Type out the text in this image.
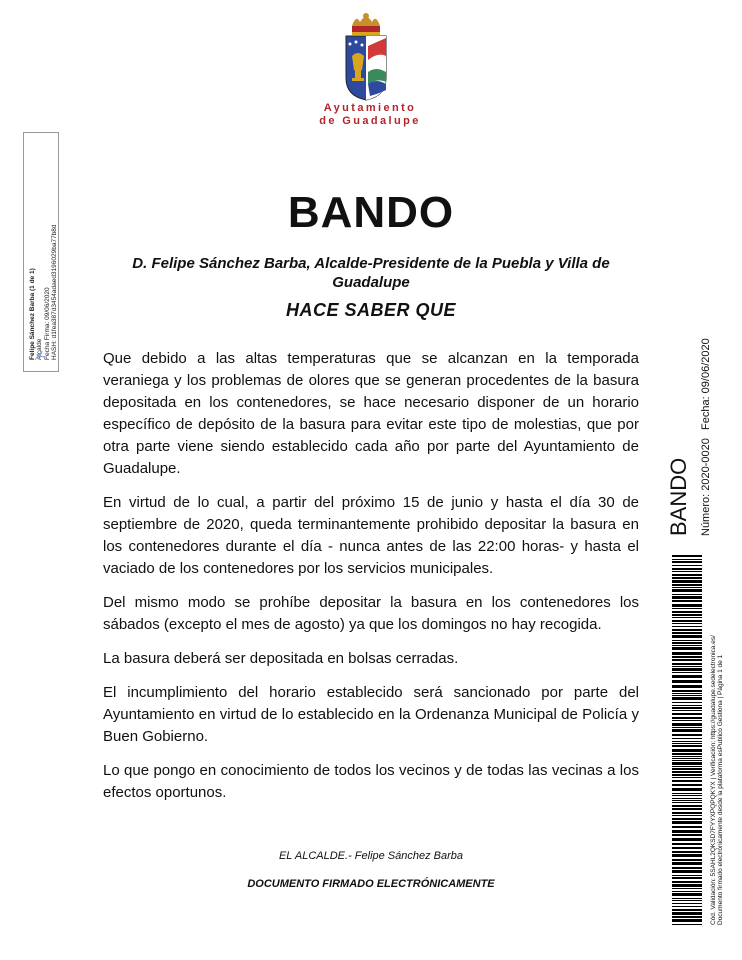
Ayutamiento
de Guadalupe
Felipe Sánchez Barba (1 de 1) Alcalde Fecha Firma: 09/06/2020 HASH: d1fea387d3454adaed3196029ba77b8d
BANDO
D. Felipe Sánchez Barba, Alcalde-Presidente de la Puebla y Villa de Guadalupe
HACE SABER QUE

Que debido a las altas temperaturas que se alcanzan en la temporada veraniega y los problemas de olores que se generan procedentes de la basura depositada en los contenedores, se hace necesario disponer de un horario específico de depósito de la basura para evitar este tipo de molestias, que por otra parte viene siendo establecido cada año por parte del Ayuntamiento de Guadalupe.

En virtud de lo cual, a partir del próximo 15 de junio y hasta el día 30 de septiembre de 2020, queda terminantemente prohibido depositar la basura en los contenedores durante el día - nunca antes de las 22:00 horas- y hasta el vaciado de los contenedores por los servicios municipales.

Del mismo modo se prohíbe depositar la basura en los contenedores los sábados (excepto el mes de agosto) ya que los domingos no hay recogida.

La basura deberá ser depositada en bolsas cerradas.

El incumplimiento del horario establecido será sancionado por parte del Ayuntamiento en virtud de lo establecido en la Ordenanza Municipal de Policía y Buen Gobierno.

Lo que pongo en conocimiento de todos los vecinos y de todas las vecinas a los efectos oportunos.

EL ALCALDE.- Felipe Sánchez Barba
DOCUMENTO FIRMADO ELECTRÓNICAMENTE
Fecha: 09/06/2020
BANDO Número: 2020-0020
Cód. Validación: 5SAHL2QKSD7FYYXPQPQKYX | Verificación: https://guadalupe.sedelectronica.es/ Documento firmado electrónicamente desde la plataforma esPublico Gestiona | Página 1 de 1
